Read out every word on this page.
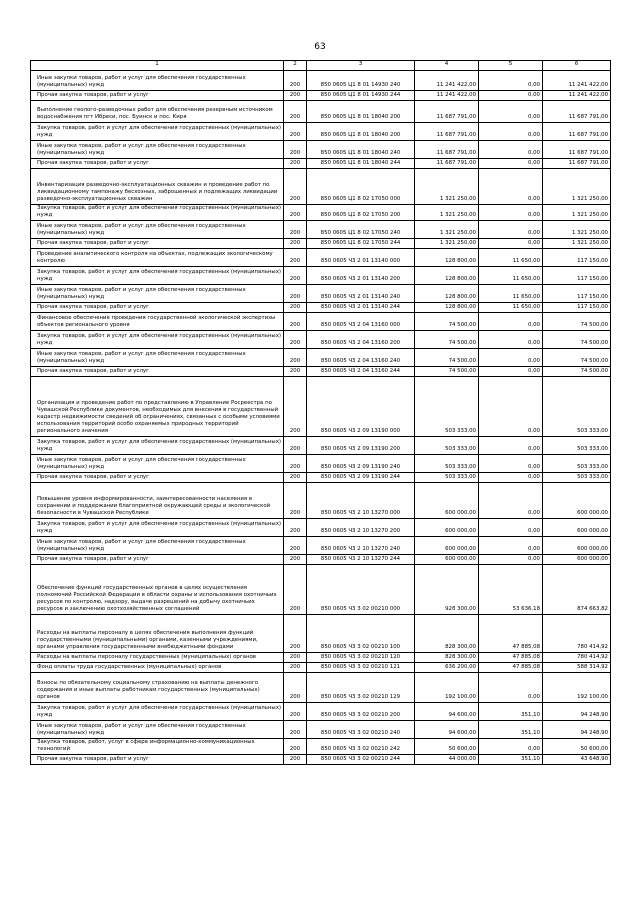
63
1	2	3	4	5	6

Иные закупки товаров, работ и услуг для обеспечения государственных (муниципальных) нужд	200	850 0605 Ц1 8 01 14930 240	11 241 422,00	0,00	11 241 422,00

Прочая закупка товаров, работ и услуг	200	850 0605 Ц1 8 01 14930 244	11 241 422,00	0,00	11 241 422,00

Выполнение геолого-разведочных работ для обеспечения резервным источником водоснабжения пгт Ибреси, пос. Буинск и пос. Киря	200	850 0605 Ц1 8 01 18040 200	11 687 791,00	0,00	11 687 791,00

Закупка товаров, работ и услуг для обеспечения государственных (муниципальных) нужд	200	850 0605 Ц1 8 01 18040 200	11 687 791,00	0,00	11 687 791,00

Иные закупки товаров, работ и услуг для обеспечения государственных (муниципальных) нужд	200	850 0605 Ц1 8 01 18040 240	11 687 791,00	0,00	11 687 791,00

Прочая закупка товаров, работ и услуг	200	850 0605 Ц1 8 01 18040 244	11 687 791,00	0,00	11 687 791,00

Инвентаризация разведочно-эксплуатационных скважин и проведение работ по ликвидационному тампонажу бесхозных, заброшенных и подлежащих ликвидации разведочно-эксплуатационных скважин	200	850 0605 Ц1 8 02 17050 000	1 321 250,00	0,00	1 321 250,00

Закупка товаров, работ и услуг для обеспечения государственных (муниципальных) нужд	200	850 0605 Ц1 8 02 17050 200	1 321 250,00	0,00	1 321 250,00

Иные закупки товаров, работ и услуг для обеспечения государственных (муниципальных) нужд	200	850 0605 Ц1 8 02 17050 240	1 321 250,00	0,00	1 321 250,00

Прочая закупка товаров, работ и услуг	200	850 0605 Ц1 8 02 17050 244	1 321 250,00	0,00	1 321 250,00

Проведение аналитического контроля на объектах, подлежащих экологическому контролю	200	850 0605 Ч3 2 01 13140 000	128 800,00	11 650,00	117 150,00

Закупка товаров, работ и услуг для обеспечения государственных (муниципальных) нужд	200	850 0605 Ч3 2 01 13140 200	128 800,00	11 650,00	117 150,00

Иные закупки товаров, работ и услуг для обеспечения государственных (муниципальных) нужд	200	850 0605 Ч3 2 01 13140 240	128 800,00	11 650,00	117 150,00

Прочая закупка товаров, работ и услуг	200	850 0605 Ч3 2 01 13140 244	128 800,00	11 650,00	117 150,00

Финансовое обеспечение проведения государственной экологической экспертизы объектов регионального уровня	200	850 0605 Ч3 2 04 13160 000	74 500,00	0,00	74 500,00

Закупка товаров, работ и услуг для обеспечения государственных (муниципальных) нужд	200	850 0605 Ч3 2 04 13160 200	74 500,00	0,00	74 500,00

Иные закупки товаров, работ и услуг для обеспечения государственных (муниципальных) нужд	200	850 0605 Ч3 2 04 13160 240	74 500,00	0,00	74 500,00

Прочая закупка товаров, работ и услуг	200	850 0605 Ч3 2 04 13160 244	74 500,00	0,00	74 500,00

Организация и проведение работ по представлению в Управление Росреестра по Чувашской Республике документов, необходимых для внесения в государственный кадастр недвижимости сведений об ограничениях, связанных с особыми условиями использования территорий особо охраняемых природных территорий регионального значения	200	850 0605 Ч3 2 09 13190 000	503 333,00	0,00	503 333,00

Закупка товаров, работ и услуг для обеспечения государственных (муниципальных) нужд	200	850 0605 Ч3 2 09 13190 200	503 333,00	0,00	503 333,00

Иные закупки товаров, работ и услуг для обеспечения государственных (муниципальных) нужд	200	850 0605 Ч3 2 09 13190 240	503 333,00	0,00	503 333,00

Прочая закупка товаров, работ и услуг	200	850 0605 Ч3 2 09 13190 244	503 333,00	0,00	503 333,00

Повышение уровня информированности, заинтересованности населения в сохранении и поддержании благоприятной окружающей среды и экологической безопасности в Чувашской Республике	200	850 0605 Ч3 2 10 13270 000	600 000,00	0,00	600 000,00

Закупка товаров, работ и услуг для обеспечения государственных (муниципальных) нужд	200	850 0605 Ч3 2 10 13270 200	600 000,00	0,00	600 000,00

Иные закупки товаров, работ и услуг для обеспечения государственных (муниципальных) нужд	200	850 0605 Ч3 2 10 13270 240	600 000,00	0,00	600 000,00

Прочая закупка товаров, работ и услуг	200	850 0605 Ч3 2 10 13270 244	600 000,00	0,00	600 000,00

Обеспечение функций государственных органов в целях осуществления полномочий Российской Федерации в области охраны и использования охотничьих ресурсов по контролю, надзору, выдаче разрешений на добычу охотничьих ресурсов и заключению охотхозяйственных соглашений	200	850 0605 Ч3 3 02 00210 000	928 300,00	53 636,18	874 663,82

Расходы на выплаты персоналу в целях обеспечения выполнения функций государственными (муниципальными) органами, казенными учреждениями, органами управления государственными внебюджетными фондами	200	850 0605 Ч3 3 02 00210 100	828 300,00	47 885,08	780 414,92

Расходы на выплаты персоналу государственных (муниципальных) органов	200	850 0605 Ч3 3 02 00210 120	828 300,00	47 885,08	780 414,92

Фонд оплаты труда государственных (муниципальных) органов	200	850 0605 Ч3 3 02 00210 121	636 200,00	47 885,08	588 314,92

Взносы по обязательному социальному страхованию на выплаты денежного содержания и иные выплаты работникам государственных (муниципальных) органов	200	850 0605 Ч3 3 02 00210 129	192 100,00	0,00	192 100,00

Закупка товаров, работ и услуг для обеспечения государственных (муниципальных) нужд	200	850 0605 Ч3 3 02 00210 200	94 600,00	351,10	94 248,90

Иные закупки товаров, работ и услуг для обеспечения государственных (муниципальных) нужд	200	850 0605 Ч3 3 02 00210 240	94 600,00	351,10	94 248,90

Закупка товаров, работ, услуг в сфере информационно-коммуникационных технологий	200	850 0605 Ч3 3 02 00210 242	50 600,00	0,00	50 600,00

Прочая закупка товаров, работ и услуг	200	850 0605 Ч3 3 02 00210 244	44 000,00	351,10	43 648,90
